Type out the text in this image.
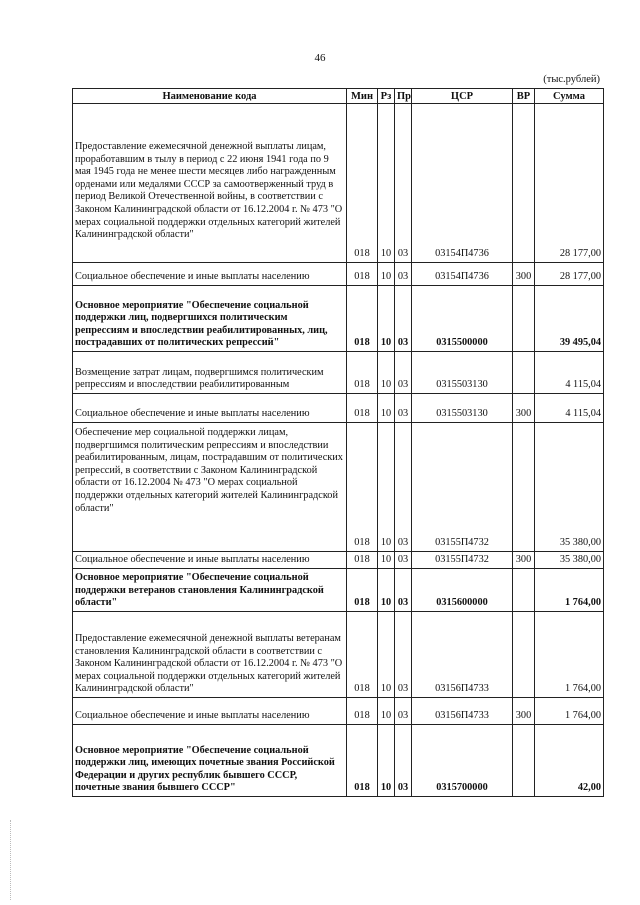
46
(тыс.рублей)
Наименование кода	Мин	Рз	Пр	ЦСР	ВР	Сумма
Предоставление ежемесячной денежной выплаты лицам, проработавшим в тылу в период с 22 июня 1941 года по 9 мая 1945 года не менее шести месяцев либо награжденным орденами или медалями СССР за самоотверженный труд в период Великой Отечественной войны, в соответствии с Законом Калининградской области от 16.12.2004 г. № 473 "О мерах социальной поддержки отдельных категорий жителей Калининградской области"	018	10	03	03154П4736		28 177,00
Социальное обеспечение и иные выплаты населению	018	10	03	03154П4736	300	28 177,00
Основное мероприятие "Обеспечение социальной поддержки лиц, подвергшихся политическим репрессиям и впоследствии реабилитированных, лиц, пострадавших от политических репрессий"	018	10	03	0315500000		39 495,04
Возмещение затрат лицам, подвергшимся политическим репрессиям и впоследствии реабилитированным	018	10	03	0315503130		4 115,04
Социальное обеспечение и иные выплаты населению	018	10	03	0315503130	300	4 115,04
Обеспечение мер социальной поддержки лицам, подвергшимся политическим репрессиям и впоследствии реабилитированным, лицам, пострадавшим от политических репрессий, в соответствии с Законом Калининградской области от 16.12.2004 № 473 "О мерах социальной поддержки отдельных категорий жителей Калининградской области"	018	10	03	03155П4732		35 380,00
Социальное обеспечение и иные выплаты населению	018	10	03	03155П4732	300	35 380,00
Основное мероприятие "Обеспечение социальной поддержки ветеранов становления Калининградской области"	018	10	03	0315600000		1 764,00
Предоставление ежемесячной денежной выплаты ветеранам становления Калининградской области в соответствии с Законом Калининградской области от 16.12.2004 г. № 473 "О мерах социальной поддержки отдельных категорий жителей Калининградской области"	018	10	03	03156П4733		1 764,00
Социальное обеспечение и иные выплаты населению	018	10	03	03156П4733	300	1 764,00
Основное мероприятие "Обеспечение социальной поддержки лиц, имеющих почетные звания Российской Федерации и других республик бывшего СССР, почетные звания бывшего СССР"	018	10	03	0315700000		42,00
